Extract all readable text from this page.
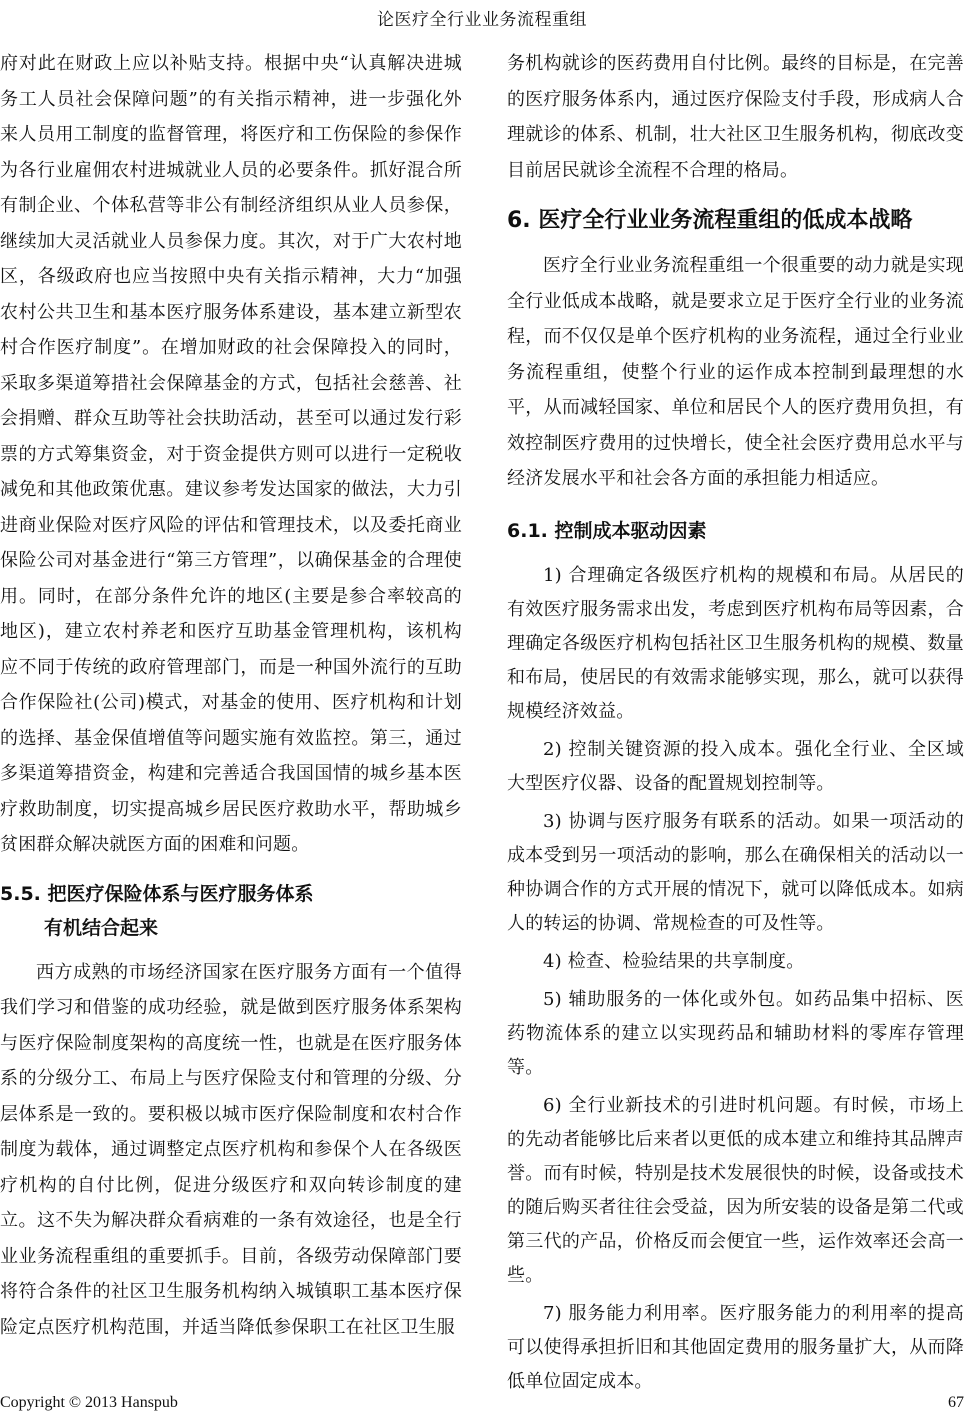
论医疗全行业业务流程重组

府对此在财政上应以补贴支持。根据中央“认真解决进城务工人员社会保障问题”的有关指示精神，进一步强化外来人员用工制度的监督管理，将医疗和工伤保险的参保作为各行业雇佣农村进城就业人员的必要条件。抓好混合所有制企业、个体私营等非公有制经济组织从业人员参保，继续加大灵活就业人员参保力度。其次，对于广大农村地区，各级政府也应当按照中央有关指示精神，大力“加强农村公共卫生和基本医疗服务体系建设，基本建立新型农村合作医疗制度”。在增加财政的社会保障投入的同时，采取多渠道筹措社会保障基金的方式，包括社会慈善、社会捐赠、群众互助等社会扶助活动，甚至可以通过发行彩票的方式筹集资金，对于资金提供方则可以进行一定税收减免和其他政策优惠。建议参考发达国家的做法，大力引进商业保险对医疗风险的评估和管理技术，以及委托商业保险公司对基金进行“第三方管理”，以确保基金的合理使用。同时，在部分条件允许的地区(主要是参合率较高的地区)，建立农村养老和医疗互助基金管理机构，该机构应不同于传统的政府管理部门，而是一种国外流行的互助合作保险社(公司)模式，对基金的使用、医疗机构和计划的选择、基金保值增值等问题实施有效监控。第三，通过多渠道筹措资金，构建和完善适合我国国情的城乡基本医疗救助制度，切实提高城乡居民医疗救助水平，帮助城乡贫困群众解决就医方面的困难和问题。

5.5. 把医疗保险体系与医疗服务体系
有机结合起来

西方成熟的市场经济国家在医疗服务方面有一个值得我们学习和借鉴的成功经验，就是做到医疗服务体系架构与医疗保险制度架构的高度统一性，也就是在医疗服务体系的分级分工、布局上与医疗保险支付和管理的分级、分层体系是一致的。要积极以城市医疗保险制度和农村合作制度为载体，通过调整定点医疗机构和参保个人在各级医疗机构的自付比例，促进分级医疗和双向转诊制度的建立。这不失为解决群众看病难的一条有效途径，也是全行业业务流程重组的重要抓手。目前，各级劳动保障部门要将符合条件的社区卫生服务机构纳入城镇职工基本医疗保险定点医疗机构范围，并适当降低参保职工在社区卫生服

务机构就诊的医药费用自付比例。最终的目标是，在完善的医疗服务体系内，通过医疗保险支付手段，形成病人合理就诊的体系、机制，壮大社区卫生服务机构，彻底改变目前居民就诊全流程不合理的格局。

6. 医疗全行业业务流程重组的低成本战略

医疗全行业业务流程重组一个很重要的动力就是实现全行业低成本战略，就是要求立足于医疗全行业的业务流程，而不仅仅是单个医疗机构的业务流程，通过全行业业务流程重组，使整个行业的运作成本控制到最理想的水平，从而减轻国家、单位和居民个人的医疗费用负担，有效控制医疗费用的过快增长，使全社会医疗费用总水平与经济发展水平和社会各方面的承担能力相适应。

6.1. 控制成本驱动因素

1) 合理确定各级医疗机构的规模和布局。从居民的有效医疗服务需求出发，考虑到医疗机构布局等因素，合理确定各级医疗机构包括社区卫生服务机构的规模、数量和布局，使居民的有效需求能够实现，那么，就可以获得规模经济效益。

2) 控制关键资源的投入成本。强化全行业、全区域大型医疗仪器、设备的配置规划控制等。

3) 协调与医疗服务有联系的活动。如果一项活动的成本受到另一项活动的影响，那么在确保相关的活动以一种协调合作的方式开展的情况下，就可以降低成本。如病人的转运的协调、常规检查的可及性等。

4) 检查、检验结果的共享制度。

5) 辅助服务的一体化或外包。如药品集中招标、医药物流体系的建立以实现药品和辅助材料的零库存管理等。

6) 全行业新技术的引进时机问题。有时候，市场上的先动者能够比后来者以更低的成本建立和维持其品牌声誉。而有时候，特别是技术发展很快的时候，设备或技术的随后购买者往往会受益，因为所安装的设备是第二代或第三代的产品，价格反而会便宜一些，运作效率还会高一些。

7) 服务能力利用率。医疗服务能力的利用率的提高可以使得承担折旧和其他固定费用的服务量扩大，从而降低单位固定成本。

Copyright © 2013 Hanspub	67
